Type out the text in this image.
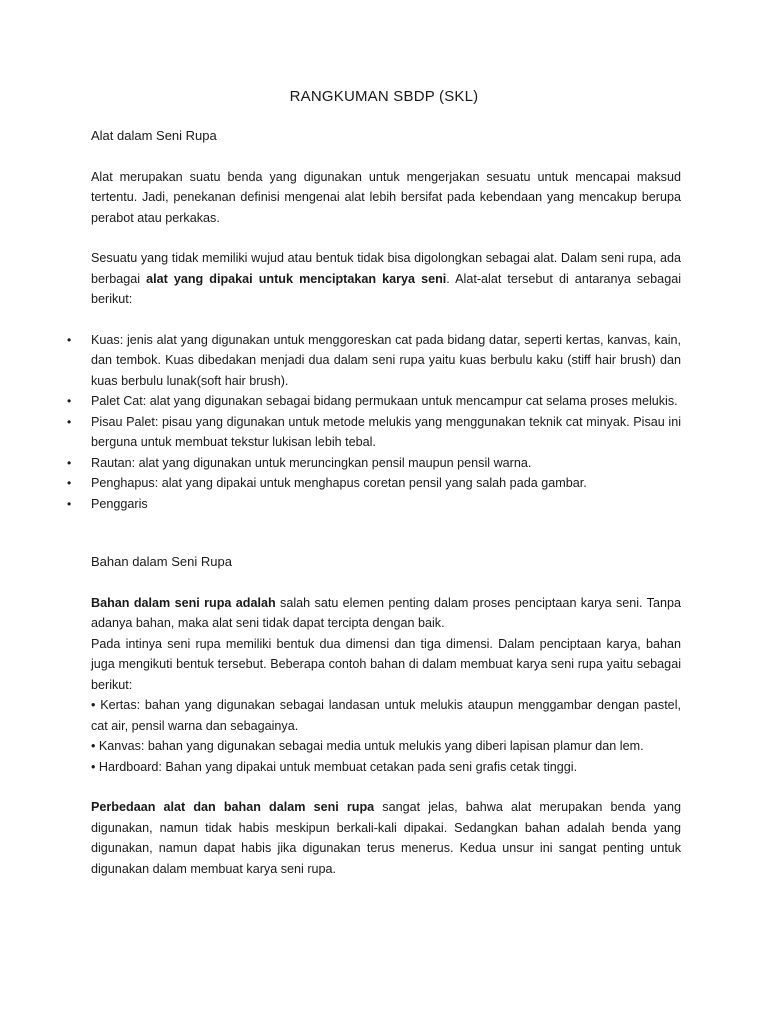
RANGKUMAN SBDP (SKL)
Alat dalam Seni Rupa

Alat merupakan suatu benda yang digunakan untuk mengerjakan sesuatu untuk mencapai maksud tertentu. Jadi, penekanan definisi mengenai alat lebih bersifat pada kebendaan yang mencakup berupa perabot atau perkakas.

Sesuatu yang tidak memiliki wujud atau bentuk tidak bisa digolongkan sebagai alat. Dalam seni rupa, ada berbagai alat yang dipakai untuk menciptakan karya seni. Alat-alat tersebut di antaranya sebagai berikut:

• Kuas: jenis alat yang digunakan untuk menggoreskan cat pada bidang datar, seperti kertas, kanvas, kain, dan tembok. Kuas dibedakan menjadi dua dalam seni rupa yaitu kuas berbulu kaku (stiff hair brush) dan kuas berbulu lunak(soft hair brush).
• Palet Cat: alat yang digunakan sebagai bidang permukaan untuk mencampur cat selama proses melukis.
• Pisau Palet: pisau yang digunakan untuk metode melukis yang menggunakan teknik cat minyak. Pisau ini berguna untuk membuat tekstur lukisan lebih tebal.
• Rautan: alat yang digunakan untuk meruncingkan pensil maupun pensil warna.
• Penghapus: alat yang dipakai untuk menghapus coretan pensil yang salah pada gambar.
• Penggaris
Bahan dalam Seni Rupa

Bahan dalam seni rupa adalah salah satu elemen penting dalam proses penciptaan karya seni. Tanpa adanya bahan, maka alat seni tidak dapat tercipta dengan baik.

Pada intinya seni rupa memiliki bentuk dua dimensi dan tiga dimensi. Dalam penciptaan karya, bahan juga mengikuti bentuk tersebut. Beberapa contoh bahan di dalam membuat karya seni rupa yaitu sebagai berikut:

• Kertas: bahan yang digunakan sebagai landasan untuk melukis ataupun menggambar dengan pastel, cat air, pensil warna dan sebagainya.

• Kanvas: bahan yang digunakan sebagai media untuk melukis yang diberi lapisan plamur dan lem.

• Hardboard: Bahan yang dipakai untuk membuat cetakan pada seni grafis cetak tinggi.

Perbedaan alat dan bahan dalam seni rupa sangat jelas, bahwa alat merupakan benda yang digunakan, namun tidak habis meskipun berkali-kali dipakai. Sedangkan bahan adalah benda yang digunakan, namun dapat habis jika digunakan terus menerus. Kedua unsur ini sangat penting untuk digunakan dalam membuat karya seni rupa.
